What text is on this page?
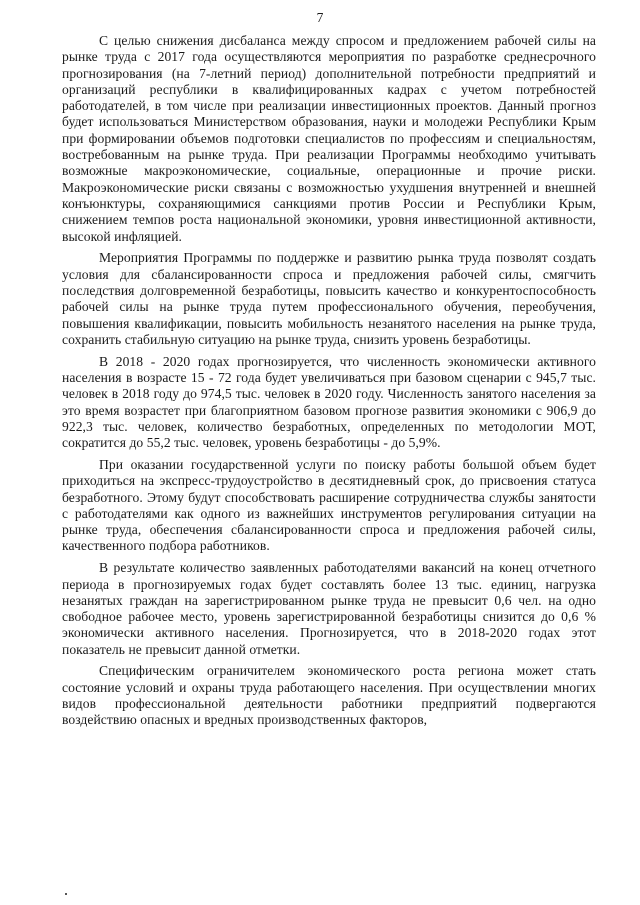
7

С целью снижения дисбаланса между спросом и предложением рабочей силы на рынке труда с 2017 года осуществляются мероприятия по разработке среднесрочного прогнозирования (на 7-летний период) дополнительной потребности предприятий и организаций республики в квалифицированных кадрах с учетом потребностей работодателей, в том числе при реализации инвестиционных проектов. Данный прогноз будет использоваться Министерством образования, науки и молодежи Республики Крым при формировании объемов подготовки специалистов по профессиям и специальностям, востребованным на рынке труда. При реализации Программы необходимо учитывать возможные макроэкономические, социальные, операционные и прочие риски. Макроэкономические риски связаны с возможностью ухудшения внутренней и внешней конъюнктуры, сохраняющимися санкциями против России и Республики Крым, снижением темпов роста национальной экономики, уровня инвестиционной активности, высокой инфляцией.

Мероприятия Программы по поддержке и развитию рынка труда позволят создать условия для сбалансированности спроса и предложения рабочей силы, смягчить последствия долговременной безработицы, повысить качество и конкурентоспособность рабочей силы на рынке труда путем профессионального обучения, переобучения, повышения квалификации, повысить мобильность незанятого населения на рынке труда, сохранить стабильную ситуацию на рынке труда, снизить уровень безработицы.

В 2018 - 2020 годах прогнозируется, что численность экономически активного населения в возрасте 15 - 72 года будет увеличиваться при базовом сценарии с 945,7 тыс. человек в 2018 году до 974,5 тыс. человек в 2020 году. Численность занятого населения за это время возрастет при благоприятном базовом прогнозе развития экономики с 906,9 до 922,3 тыс. человек, количество безработных, определенных по методологии МОТ, сократится до 55,2 тыс. человек, уровень безработицы - до 5,9%.

При оказании государственной услуги по поиску работы большой объем будет приходиться на экспресс-трудоустройство в десятидневный срок, до присвоения статуса безработного. Этому будут способствовать расширение сотрудничества службы занятости с работодателями как одного из важнейших инструментов регулирования ситуации на рынке труда, обеспечения сбалансированности спроса и предложения рабочей силы, качественного подбора работников.

В результате количество заявленных работодателями вакансий на конец отчетного периода в прогнозируемых годах будет составлять более 13 тыс. единиц, нагрузка незанятых граждан на зарегистрированном рынке труда не превысит 0,6 чел. на одно свободное рабочее место, уровень зарегистрированной безработицы снизится до 0,6 % экономически активного населения. Прогнозируется, что в 2018-2020 годах этот показатель не превысит данной отметки.

Специфическим ограничителем экономического роста региона может стать состояние условий и охраны труда работающего населения. При осуществлении многих видов профессиональной деятельности работники предприятий подвергаются воздействию опасных и вредных производственных факторов,
